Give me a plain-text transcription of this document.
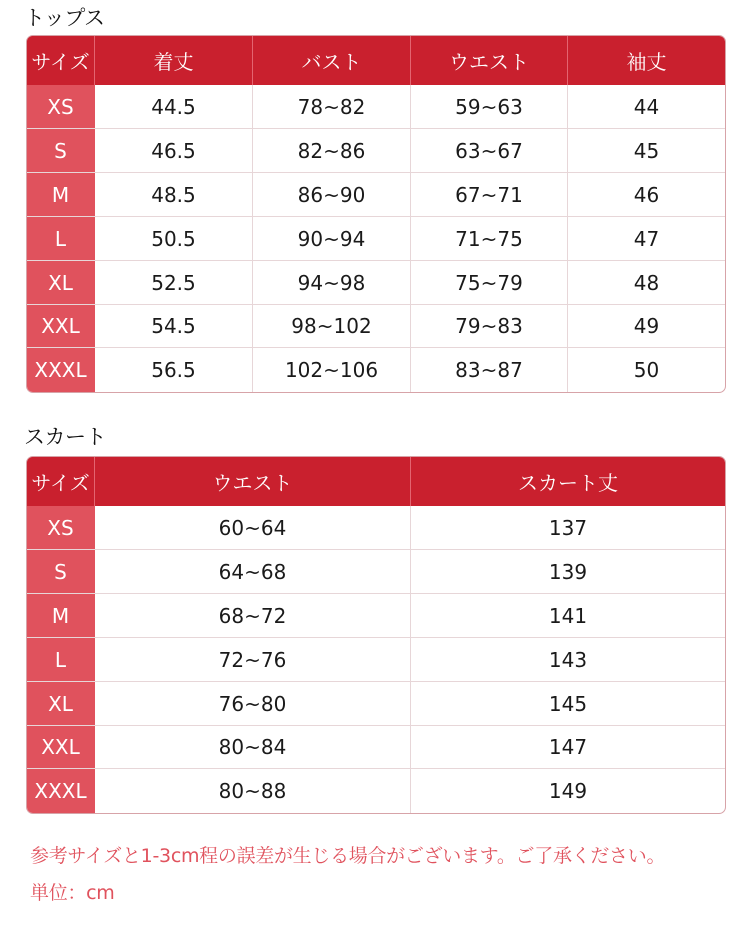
トップス
サイズ	着丈	バスト	ウエスト	袖丈
XS	44.5	78~82	59~63	44
S	46.5	82~86	63~67	45
M	48.5	86~90	67~71	46
L	50.5	90~94	71~75	47
XL	52.5	94~98	75~79	48
XXL	54.5	98~102	79~83	49
XXXL	56.5	102~106	83~87	50
スカート
サイズ	ウエスト	スカート丈
XS	60~64	137
S	64~68	139
M	68~72	141
L	72~76	143
XL	76~80	145
XXL	80~84	147
XXXL	80~88	149
参考サイズと1-3cm程の誤差が生じる場合がございます。ご了承ください。
単位：cm
